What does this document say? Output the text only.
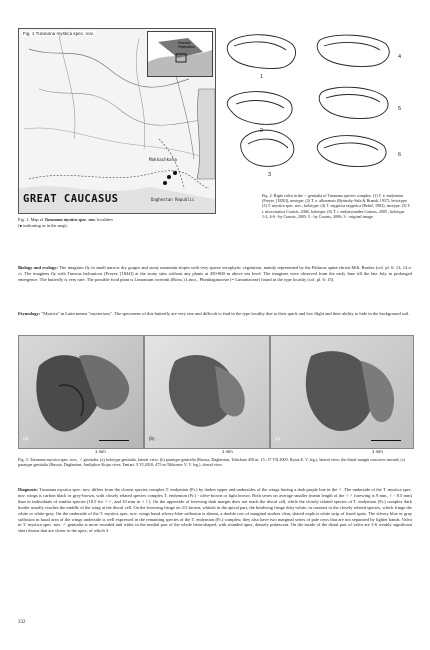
Russian
Federation
Fig. 1 Turanana mystica spec. nov.
Makhachkala
Daghestan Republic
GREAT CAUCASUS
Fig. 1: Map of Turanana mystica spec. nov. localities
(● indicating as in the map).
1
2
3
4
5
6
Fig. 2: Right valva in the ♂ genitalia of Turanana species complex. (1) T. e. endymion (Freyer, [1850]), neotype; (2) T. e. alhasensis (Bytinsky-Salz & Brandt, 1937), lectotype; (3) T. mystica spec. nov., holotype; (4) T. taygetica taygetica (Rebel, 1902), neotype; (5) T. t. microsiatica Coutsis, 2006, holotype; (6) T. t. endymionides Coutsis, 2005 , holotype.
1-2, 4-6 - by Coutsis, 2005: 5 - by Coutsis, 2006; 3 - original image.
Biology and ecology: The imagines fly in small narrow dry gorges and stony mountain slopes with very sparse xerophytic vegetation, mainly represented by the Paliurus spina-christi Mill. Bushes (col. pl. 6: 13, 14 a-c). The imagines fly with Tarucus balcanicus (Freyer, [1844]) at the stony sites without any plants at 450-800 m above sea level. The imagines were observed from the early June till the late July in prolonged emergence. The butterfly is very rare. The possible food plant is Limonium owerinii (Boiss.) Lincz., Plumbaginaceae (= Limoniaceae) found in the type locality (col. pl. 6: 15).
Etymology: "Mystica" in Latin means "mysterious". The specimens of this butterfly are very rare and difficult to find in the type locality due to their quick and low flight and their ability to hide in the background soil.
(a)	(b)	(c)
1 mm	1 mm	1 mm
Fig. 3: Turanana mystica spec. nov., ♂ genitalia. (a) holotype genitalia, lateral view; (b) paratype genitalia (Russia, Daghestan, Tchirkata 450 m, 15.-17.VII.2009, Ilyina E. V. leg.), lateral view; the distal margin concaves inward; (c) paratype genitalia (Russia, Daghestan, Andijskoe Kojsu river, Tantari, 5.VI.2010, 475 m Tikhonov V. V. leg.), dorsal view.
Diagnosis: Turanana mystica spec. nov. differs from the closest species complex T. endymion (Fr.) by darker upper and undersides of the wings having a dark purple hue in the ♂. The underside of the T. mystica spec. nov. wings is carbon black or grey-brown, with closely related species complex T. endymion (Fr.) - olive-brown or light brown. Both sexes on average smaller (mean length of the ♂♂ forewing is 9 mm, ♀ - 8.5 mm) than in individuals of similar species (10.5 for ♂♂, and 10 mm in ♀♀). On the upperside of forewing dark margin does not reach the discal cell, while the closely related species of T. endymion (Fr.) complex dark border usually reaches the middle of the wing at the discal cell. On the forewing fringe on 2/3 brown, whitish in the apical part, the hindwing fringe dirty-white, in contrast to the closely related species, which fringe the white or white-gray. On the underside of the T. mystica spec. nov. wings basal silvery-blue suffusion is absent, a double row of marginal strokes clear, shared explicit white strip of fused spots. The silvery blue or gray suffusion in basal area of the wings underside is well expressed in the remaining species of the T. endymion (Fr.) complex; they also have two marginal series of pale rows that are not separated by lighter bands. Valva in T. mystica spec. nov. ♂ genitalia is more rounded and wider in the medial part of the whole bean-shaped, with rounded apex, densely pubescent. On the inside of the distal part of valva are 5-6 weakly significant short thorns that are closer to the apex, of which 3
332
